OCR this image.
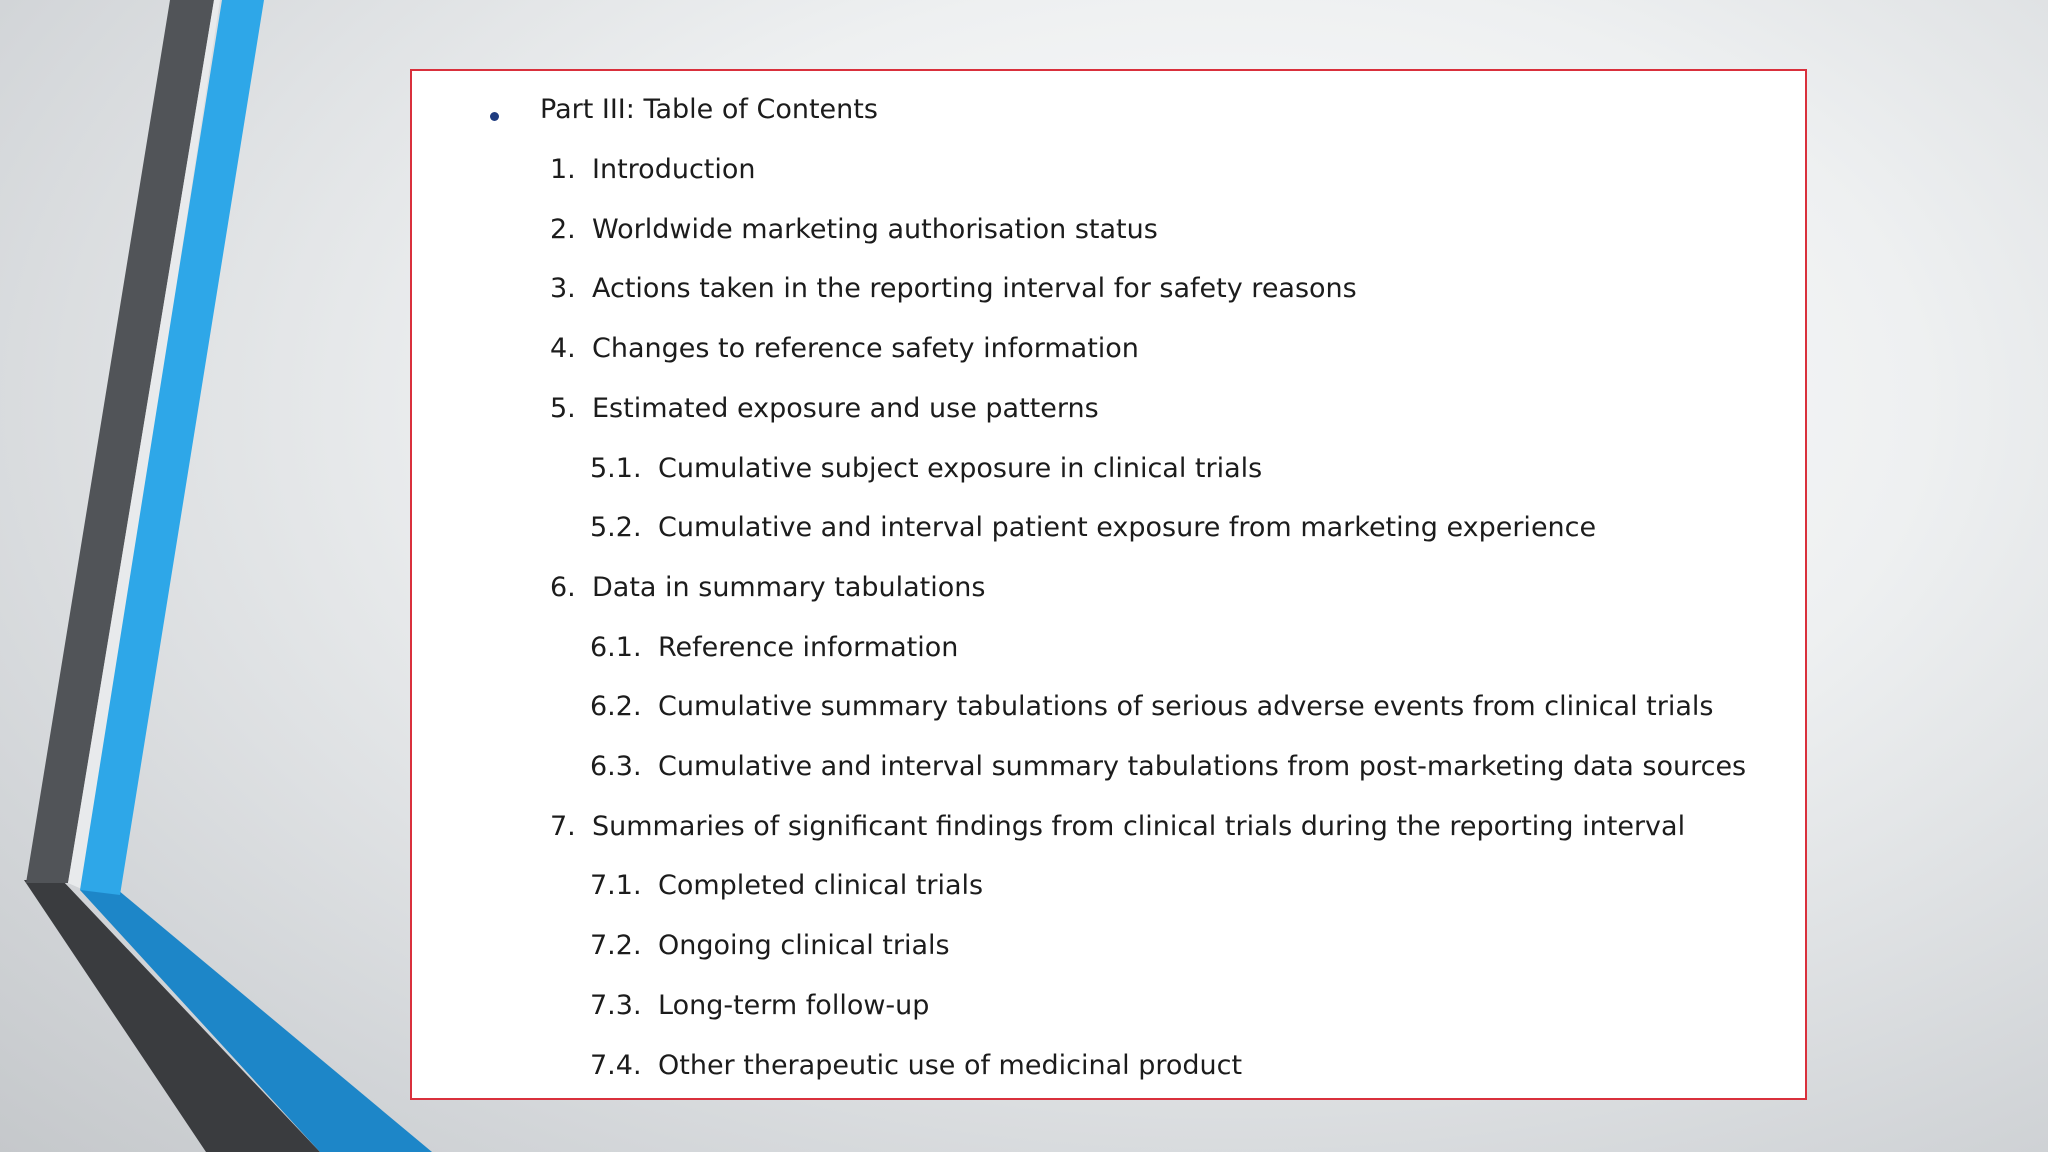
Part III: Table of Contents
1. Introduction
2. Worldwide marketing authorisation status
3. Actions taken in the reporting interval for safety reasons
4. Changes to reference safety information
5. Estimated exposure and use patterns
5.1. Cumulative subject exposure in clinical trials
5.2. Cumulative and interval patient exposure from marketing experience
6. Data in summary tabulations
6.1. Reference information
6.2. Cumulative summary tabulations of serious adverse events from clinical trials
6.3. Cumulative and interval summary tabulations from post-marketing data sources
7. Summaries of significant findings from clinical trials during the reporting interval
7.1. Completed clinical trials
7.2. Ongoing clinical trials
7.3. Long-term follow-up
7.4. Other therapeutic use of medicinal product
